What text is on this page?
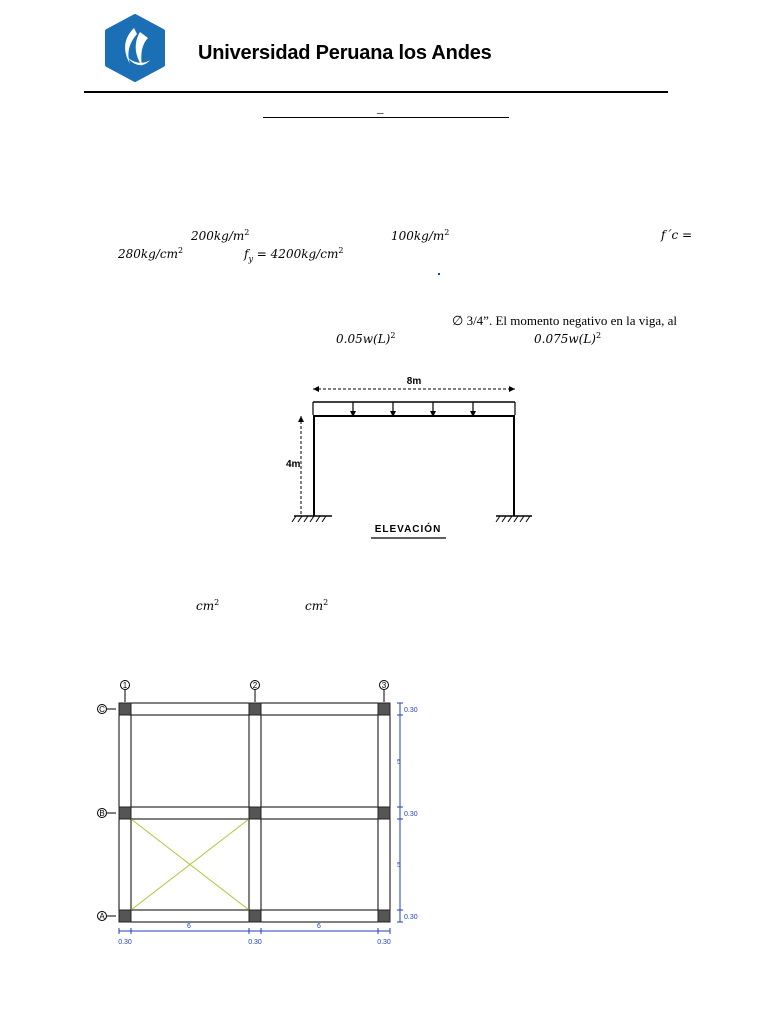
Universidad Peruana los Andes
_
$200kg/m^2$	$100kg/m^2$	f´c =
$280kg/cm^2$	$f_y = 4200kg/cm^2$
∅ 3/4”. El momento negativo en la viga, al
$0.05w(L)^2$	$0.075w(L)^2$
8m
4m
ELEVACIÓN
$cm^2$	$cm^2$
1	2	3
C
B
A
0.30
5
0.30
5
0.30
0.30
6
0.30
6
0.30
